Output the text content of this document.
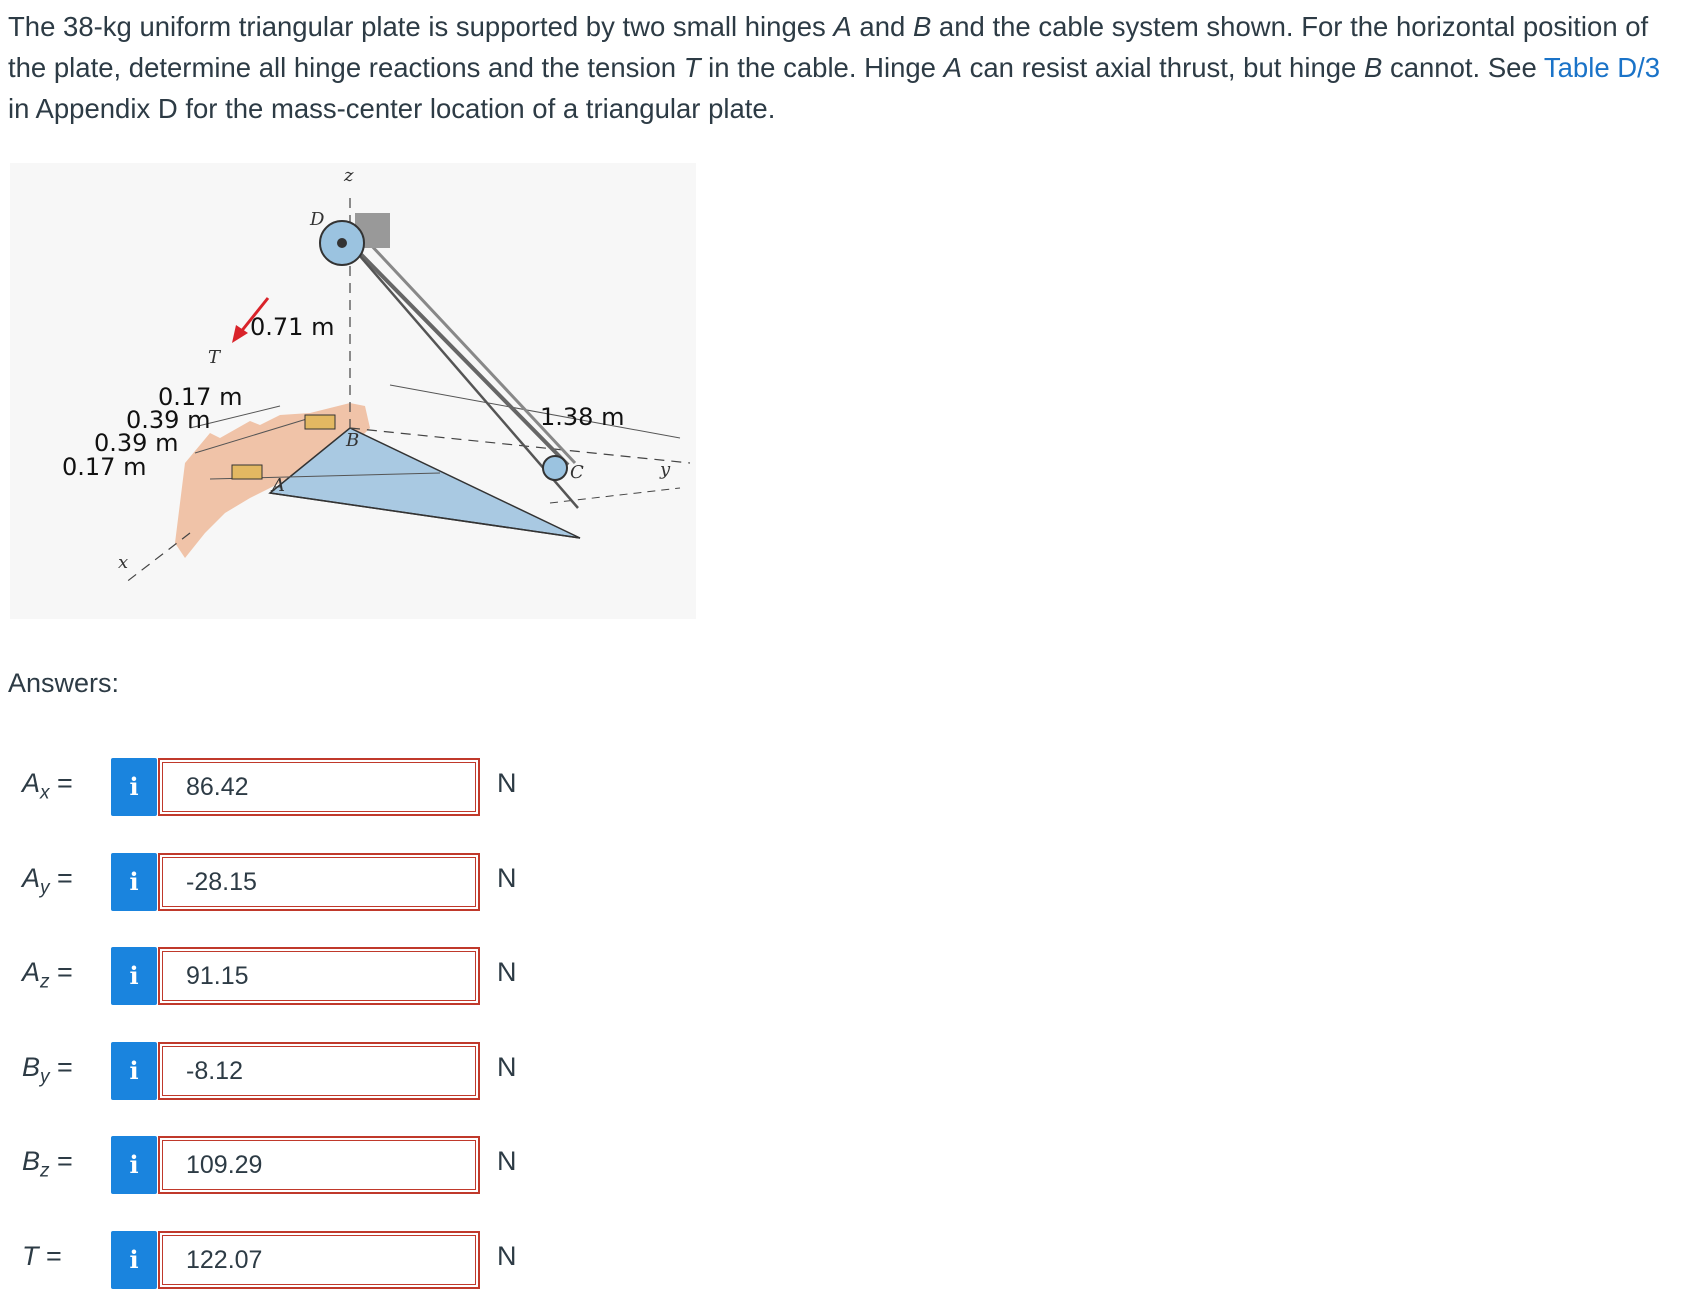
The 38-kg uniform triangular plate is supported by two small hinges A and B and the cable system shown. For the horizontal position of the plate, determine all hinge reactions and the tension T in the cable. Hinge A can resist axial thrust, but hinge B cannot. See Table D/3 in Appendix D for the mass-center location of a triangular plate.

0.71 m
0.17 m
0.39 m
0.39 m
0.17 m
1.38 m
D
z
T
B
A
C
x
y
Answers:
$A_x$ =	i	86.42	N
$A_y$ =	i	-28.15	N
$A_z$ =	i	91.15	N
$B_y$ =	i	-8.12	N
$B_z$ =	i	109.29	N
T =	i	122.07	N
